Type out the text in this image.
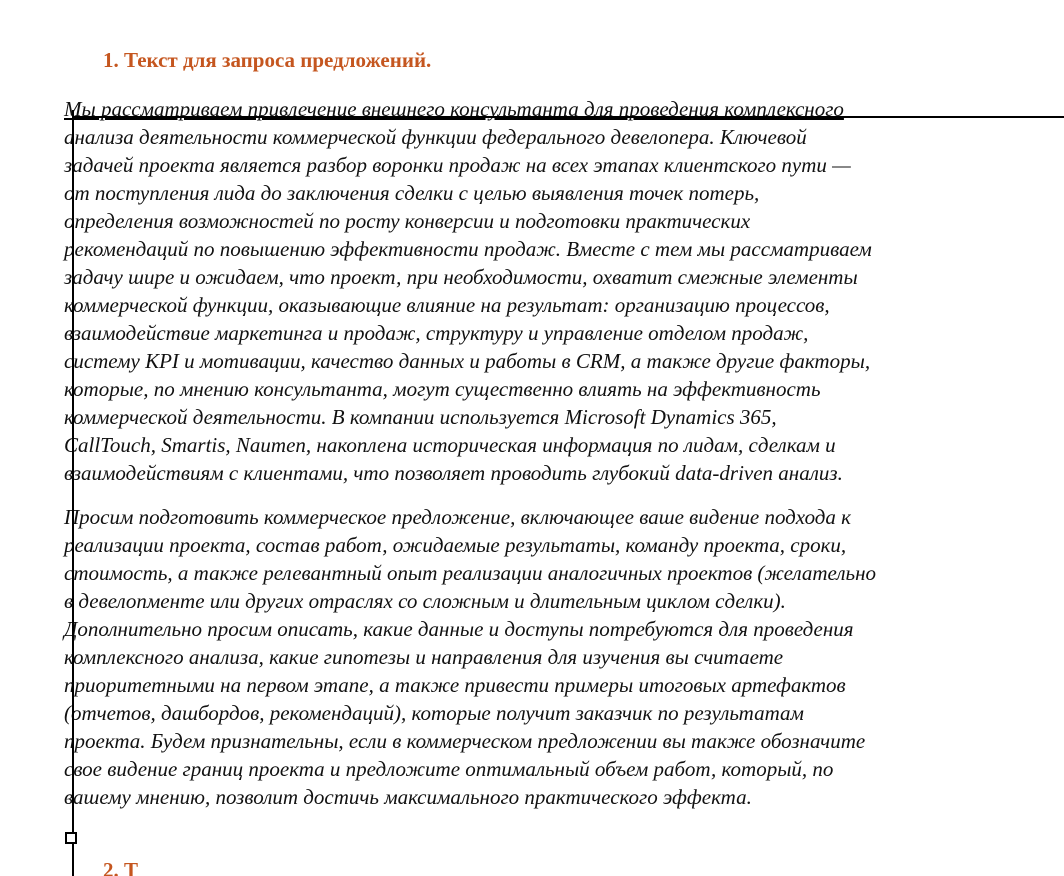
1. Текст для запроса предложений.
Мы рассматриваем привлечение внешнего консультанта для проведения комплексного
анализа деятельности коммерческой функции федерального девелопера. Ключевой
задачей проекта является разбор воронки продаж на всех этапах клиентского пути —
от поступления лида до заключения сделки с целью выявления точек потерь,
определения возможностей по росту конверсии и подготовки практических
рекомендаций по повышению эффективности продаж. Вместе с тем мы рассматриваем
задачу шире и ожидаем, что проект, при необходимости, охватит смежные элементы
коммерческой функции, оказывающие влияние на результат: организацию процессов,
взаимодействие маркетинга и продаж, структуру и управление отделом продаж,
систему KPI и мотивации, качество данных и работы в CRM, а также другие факторы,
которые, по мнению консультанта, могут существенно влиять на эффективность
коммерческой деятельности. В компании используется Microsoft Dynamics 365,
CallTouch, Smartis, Naumen, накоплена историческая информация по лидам, сделкам и
взаимодействиям с клиентами, что позволяет проводить глубокий data-driven анализ.
Просим подготовить коммерческое предложение, включающее ваше видение подхода к
реализации проекта, состав работ, ожидаемые результаты, команду проекта, сроки,
стоимость, а также релевантный опыт реализации аналогичных проектов (желательно
в девелопменте или других отраслях со сложным и длительным циклом сделки).
Дополнительно просим описать, какие данные и доступы потребуются для проведения
комплексного анализа, какие гипотезы и направления для изучения вы считаете
приоритетными на первом этапе, а также привести примеры итоговых артефактов
(отчетов, дашбордов, рекомендаций), которые получит заказчик по результатам
проекта. Будем признательны, если в коммерческом предложении вы также обозначите
свое видение границ проекта и предложите оптимальный объем работ, который, по
вашему мнению, позволит достичь максимального практического эффекта.
2. Т
